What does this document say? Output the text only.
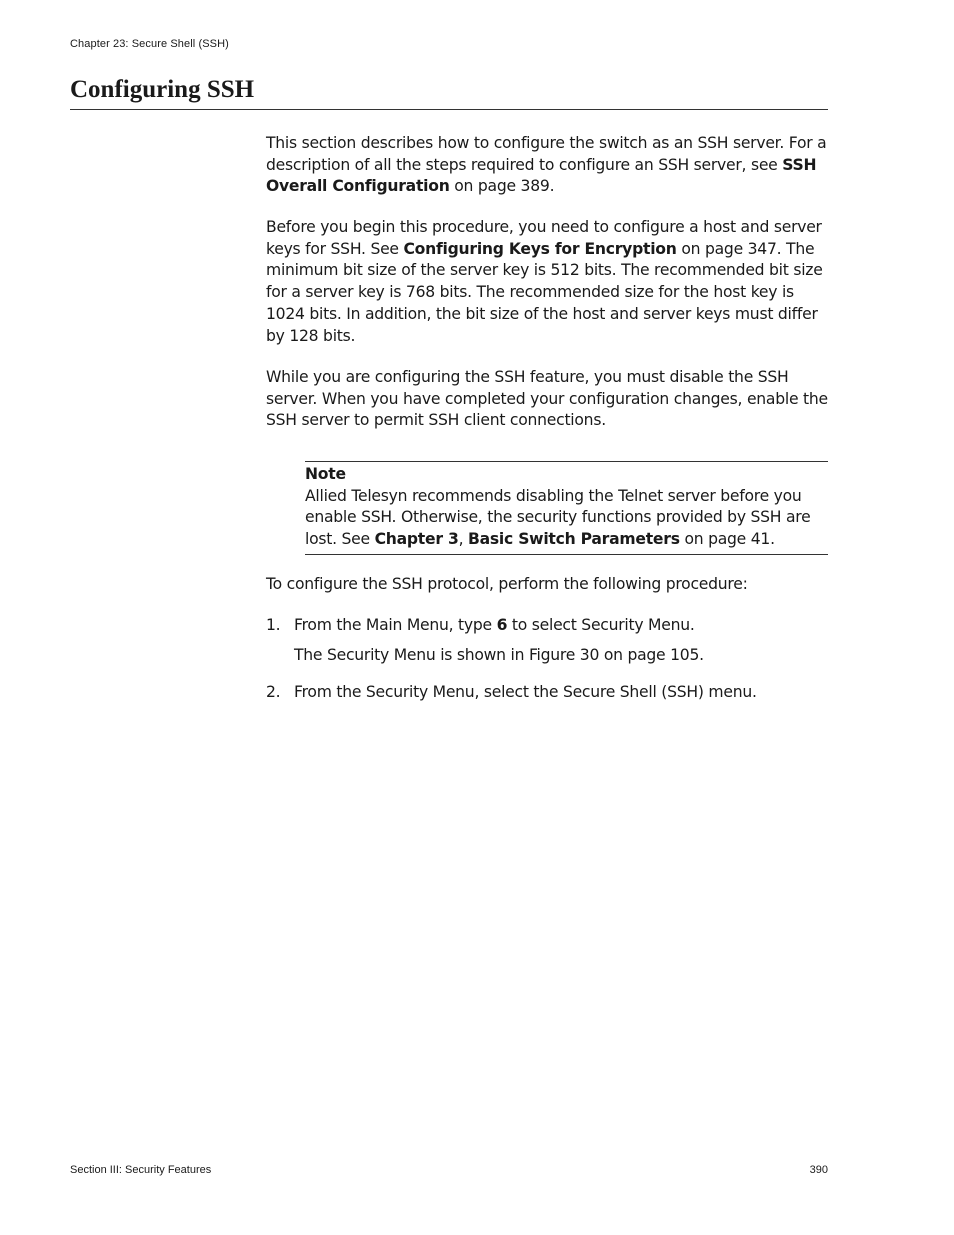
Chapter 23: Secure Shell (SSH)
Configuring SSH

This section describes how to configure the switch as an SSH server. For a description of all the steps required to configure an SSH server, see SSH Overall Configuration on page 389.

Before you begin this procedure, you need to configure a host and server keys for SSH. See Configuring Keys for Encryption on page 347. The minimum bit size of the server key is 512 bits. The recommended bit size for a server key is 768 bits. The recommended size for the host key is 1024 bits. In addition, the bit size of the host and server keys must differ by 128 bits.

While you are configuring the SSH feature, you must disable the SSH server. When you have completed your configuration changes, enable the SSH server to permit SSH client connections.

Note
Allied Telesyn recommends disabling the Telnet server before you enable SSH. Otherwise, the security functions provided by SSH are lost. See Chapter 3, Basic Switch Parameters on page 41.

To configure the SSH protocol, perform the following procedure:

1. From the Main Menu, type 6 to select Security Menu.
The Security Menu is shown in Figure 30 on page 105.
2. From the Security Menu, select the Secure Shell (SSH) menu.
Section III: Security Features	390
